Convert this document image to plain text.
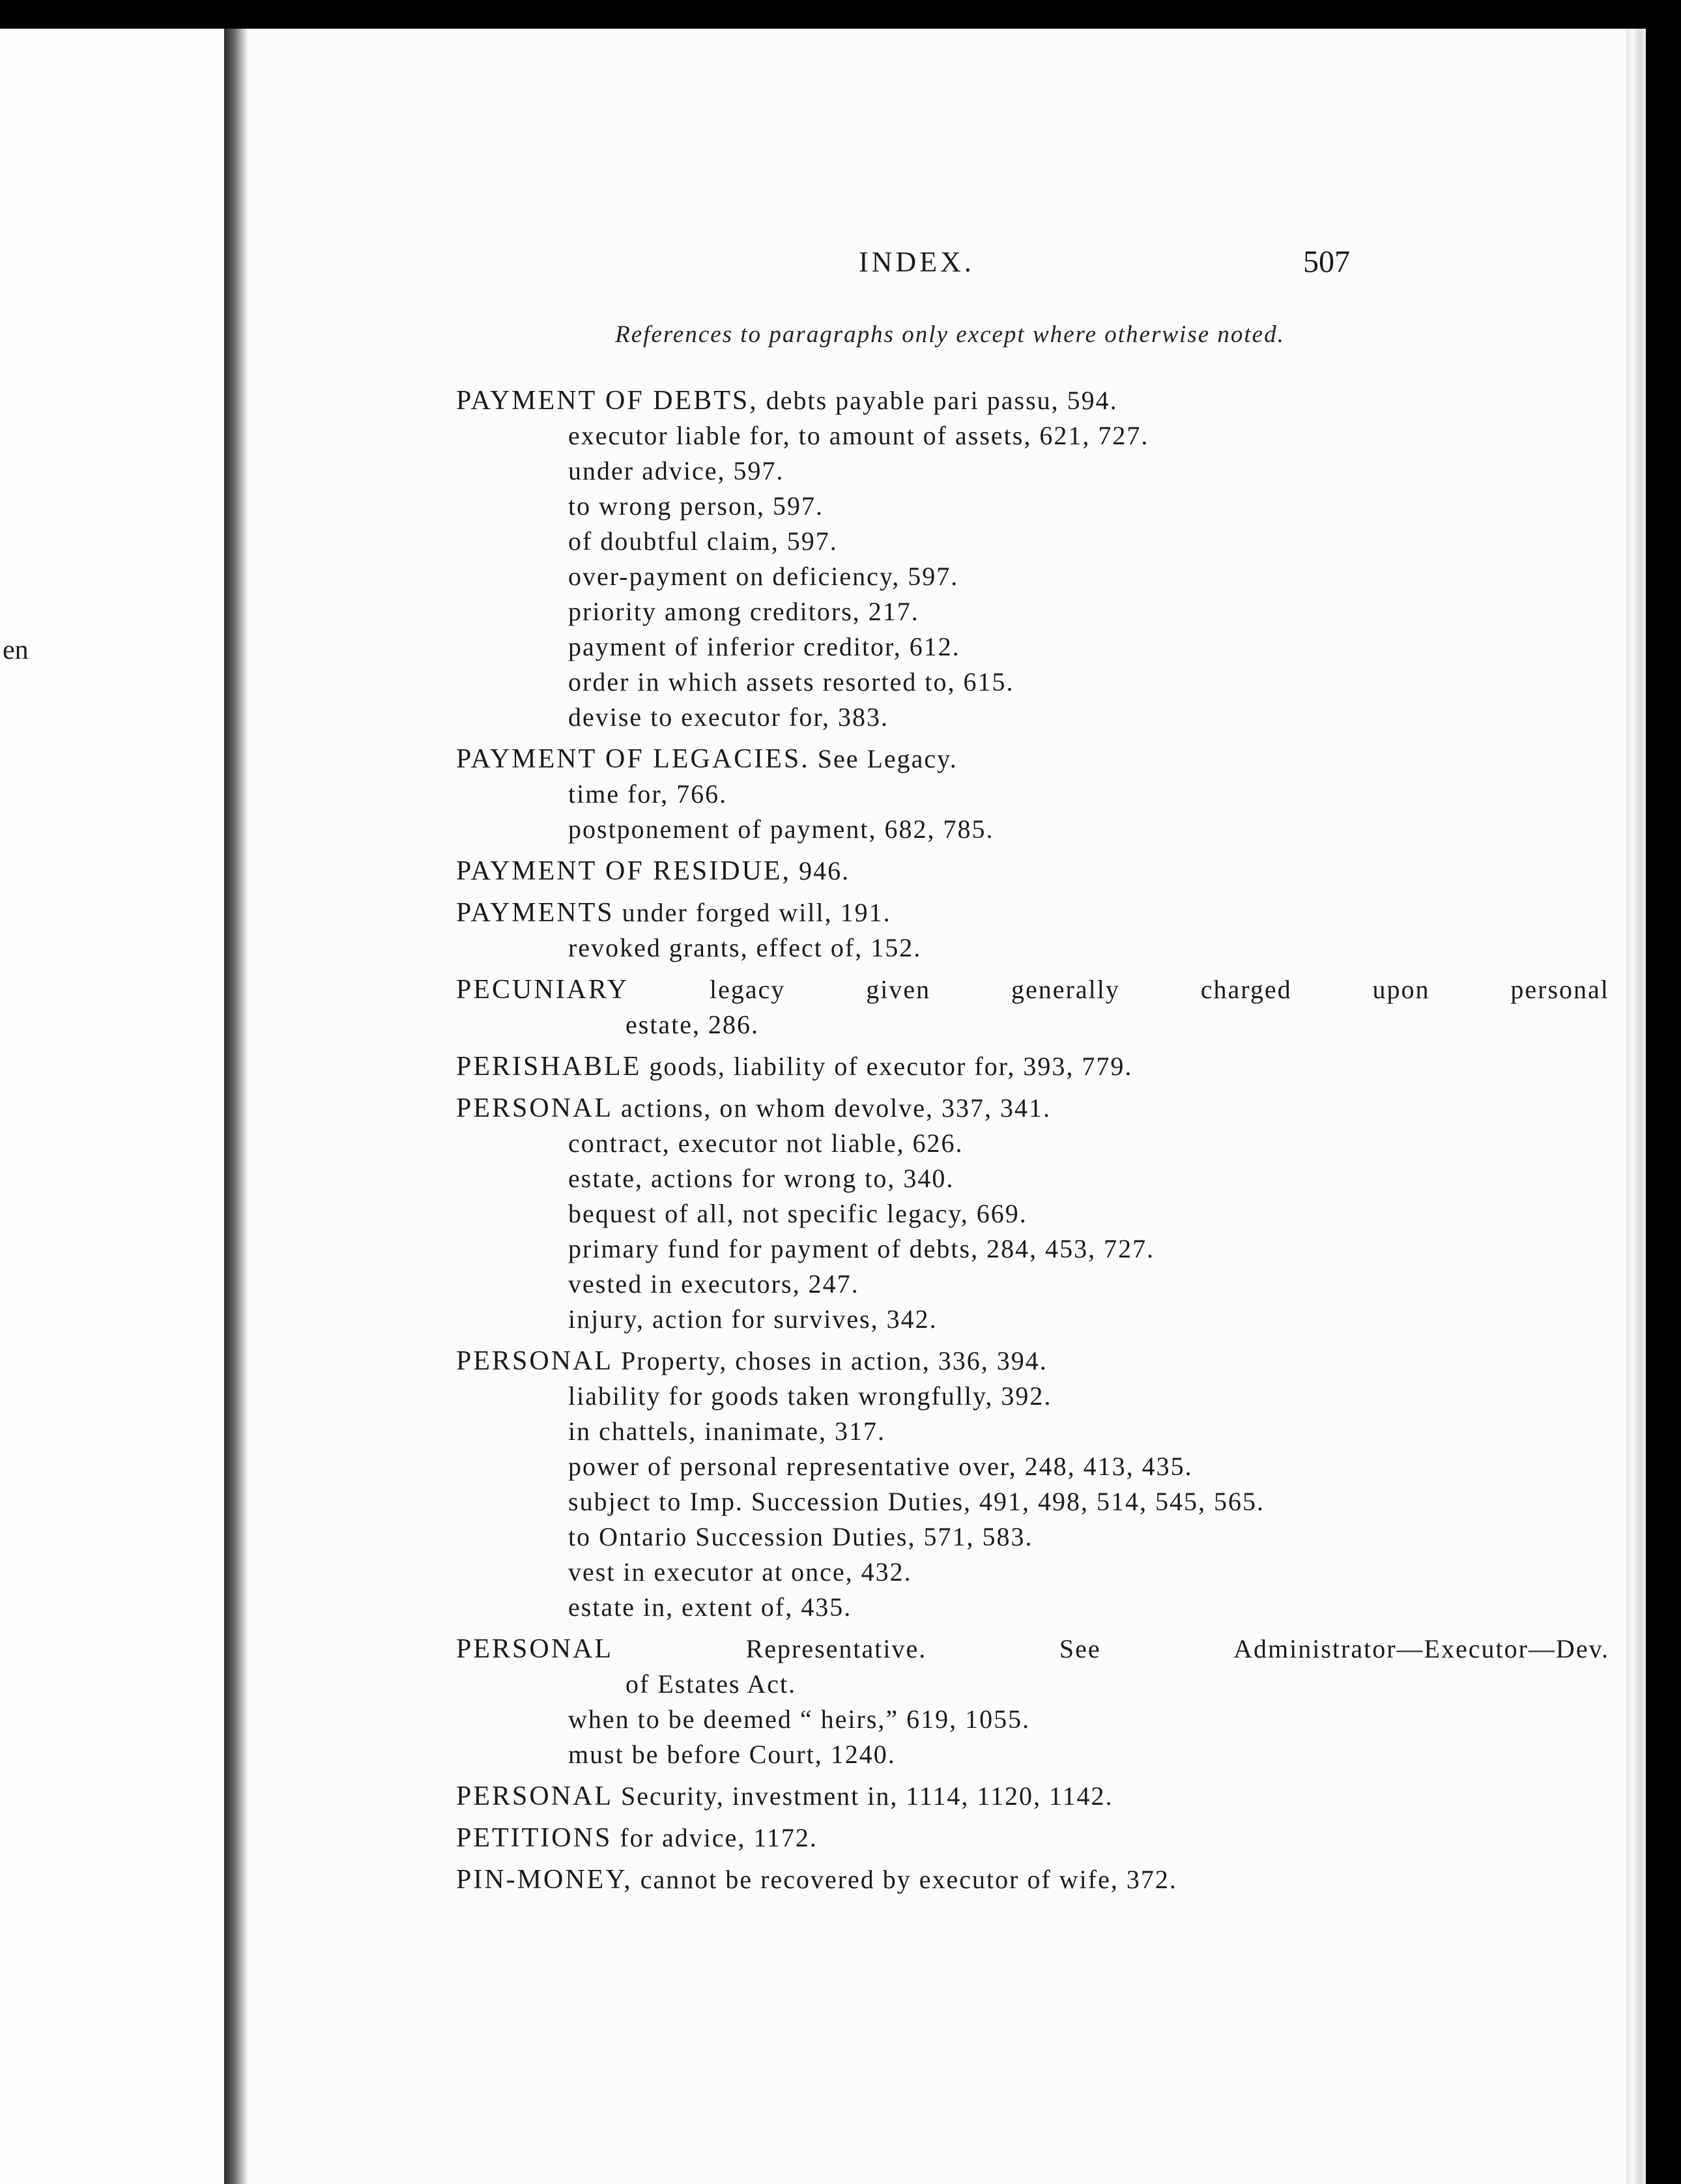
en
INDEX.	507
References to paragraphs only except where otherwise noted.
PAYMENT OF DEBTS, debts payable pari passu, 594.
executor liable for, to amount of assets, 621, 727.
under advice, 597.
to wrong person, 597.
of doubtful claim, 597.
over-payment on deficiency, 597.
priority among creditors, 217.
payment of inferior creditor, 612.
order in which assets resorted to, 615.
devise to executor for, 383.
PAYMENT OF LEGACIES. See Legacy.
time for, 766.
postponement of payment, 682, 785.
PAYMENT OF RESIDUE, 946.
PAYMENTS under forged will, 191.
revoked grants, effect of, 152.
PECUNIARY	legacy	given	generally	charged	upon	personal
estate, 286.
PERISHABLE goods, liability of executor for, 393, 779.
PERSONAL actions, on whom devolve, 337, 341.
contract, executor not liable, 626.
estate, actions for wrong to, 340.
bequest of all, not specific legacy, 669.
primary fund for payment of debts, 284, 453, 727.
vested in executors, 247.
injury, action for survives, 342.
PERSONAL Property, choses in action, 336, 394.
liability for goods taken wrongfully, 392.
in chattels, inanimate, 317.
power of personal representative over, 248, 413, 435.
subject to Imp. Succession Duties, 491, 498, 514, 545, 565.
to Ontario Succession Duties, 571, 583.
vest in executor at once, 432.
estate in, extent of, 435.
PERSONAL	Representative.	See	Administrator—Executor—Dev.
of Estates Act.
when to be deemed “ heirs,” 619, 1055.
must be before Court, 1240.
PERSONAL Security, investment in, 1114, 1120, 1142.
PETITIONS for advice, 1172.
PIN-MONEY, cannot be recovered by executor of wife, 372.
